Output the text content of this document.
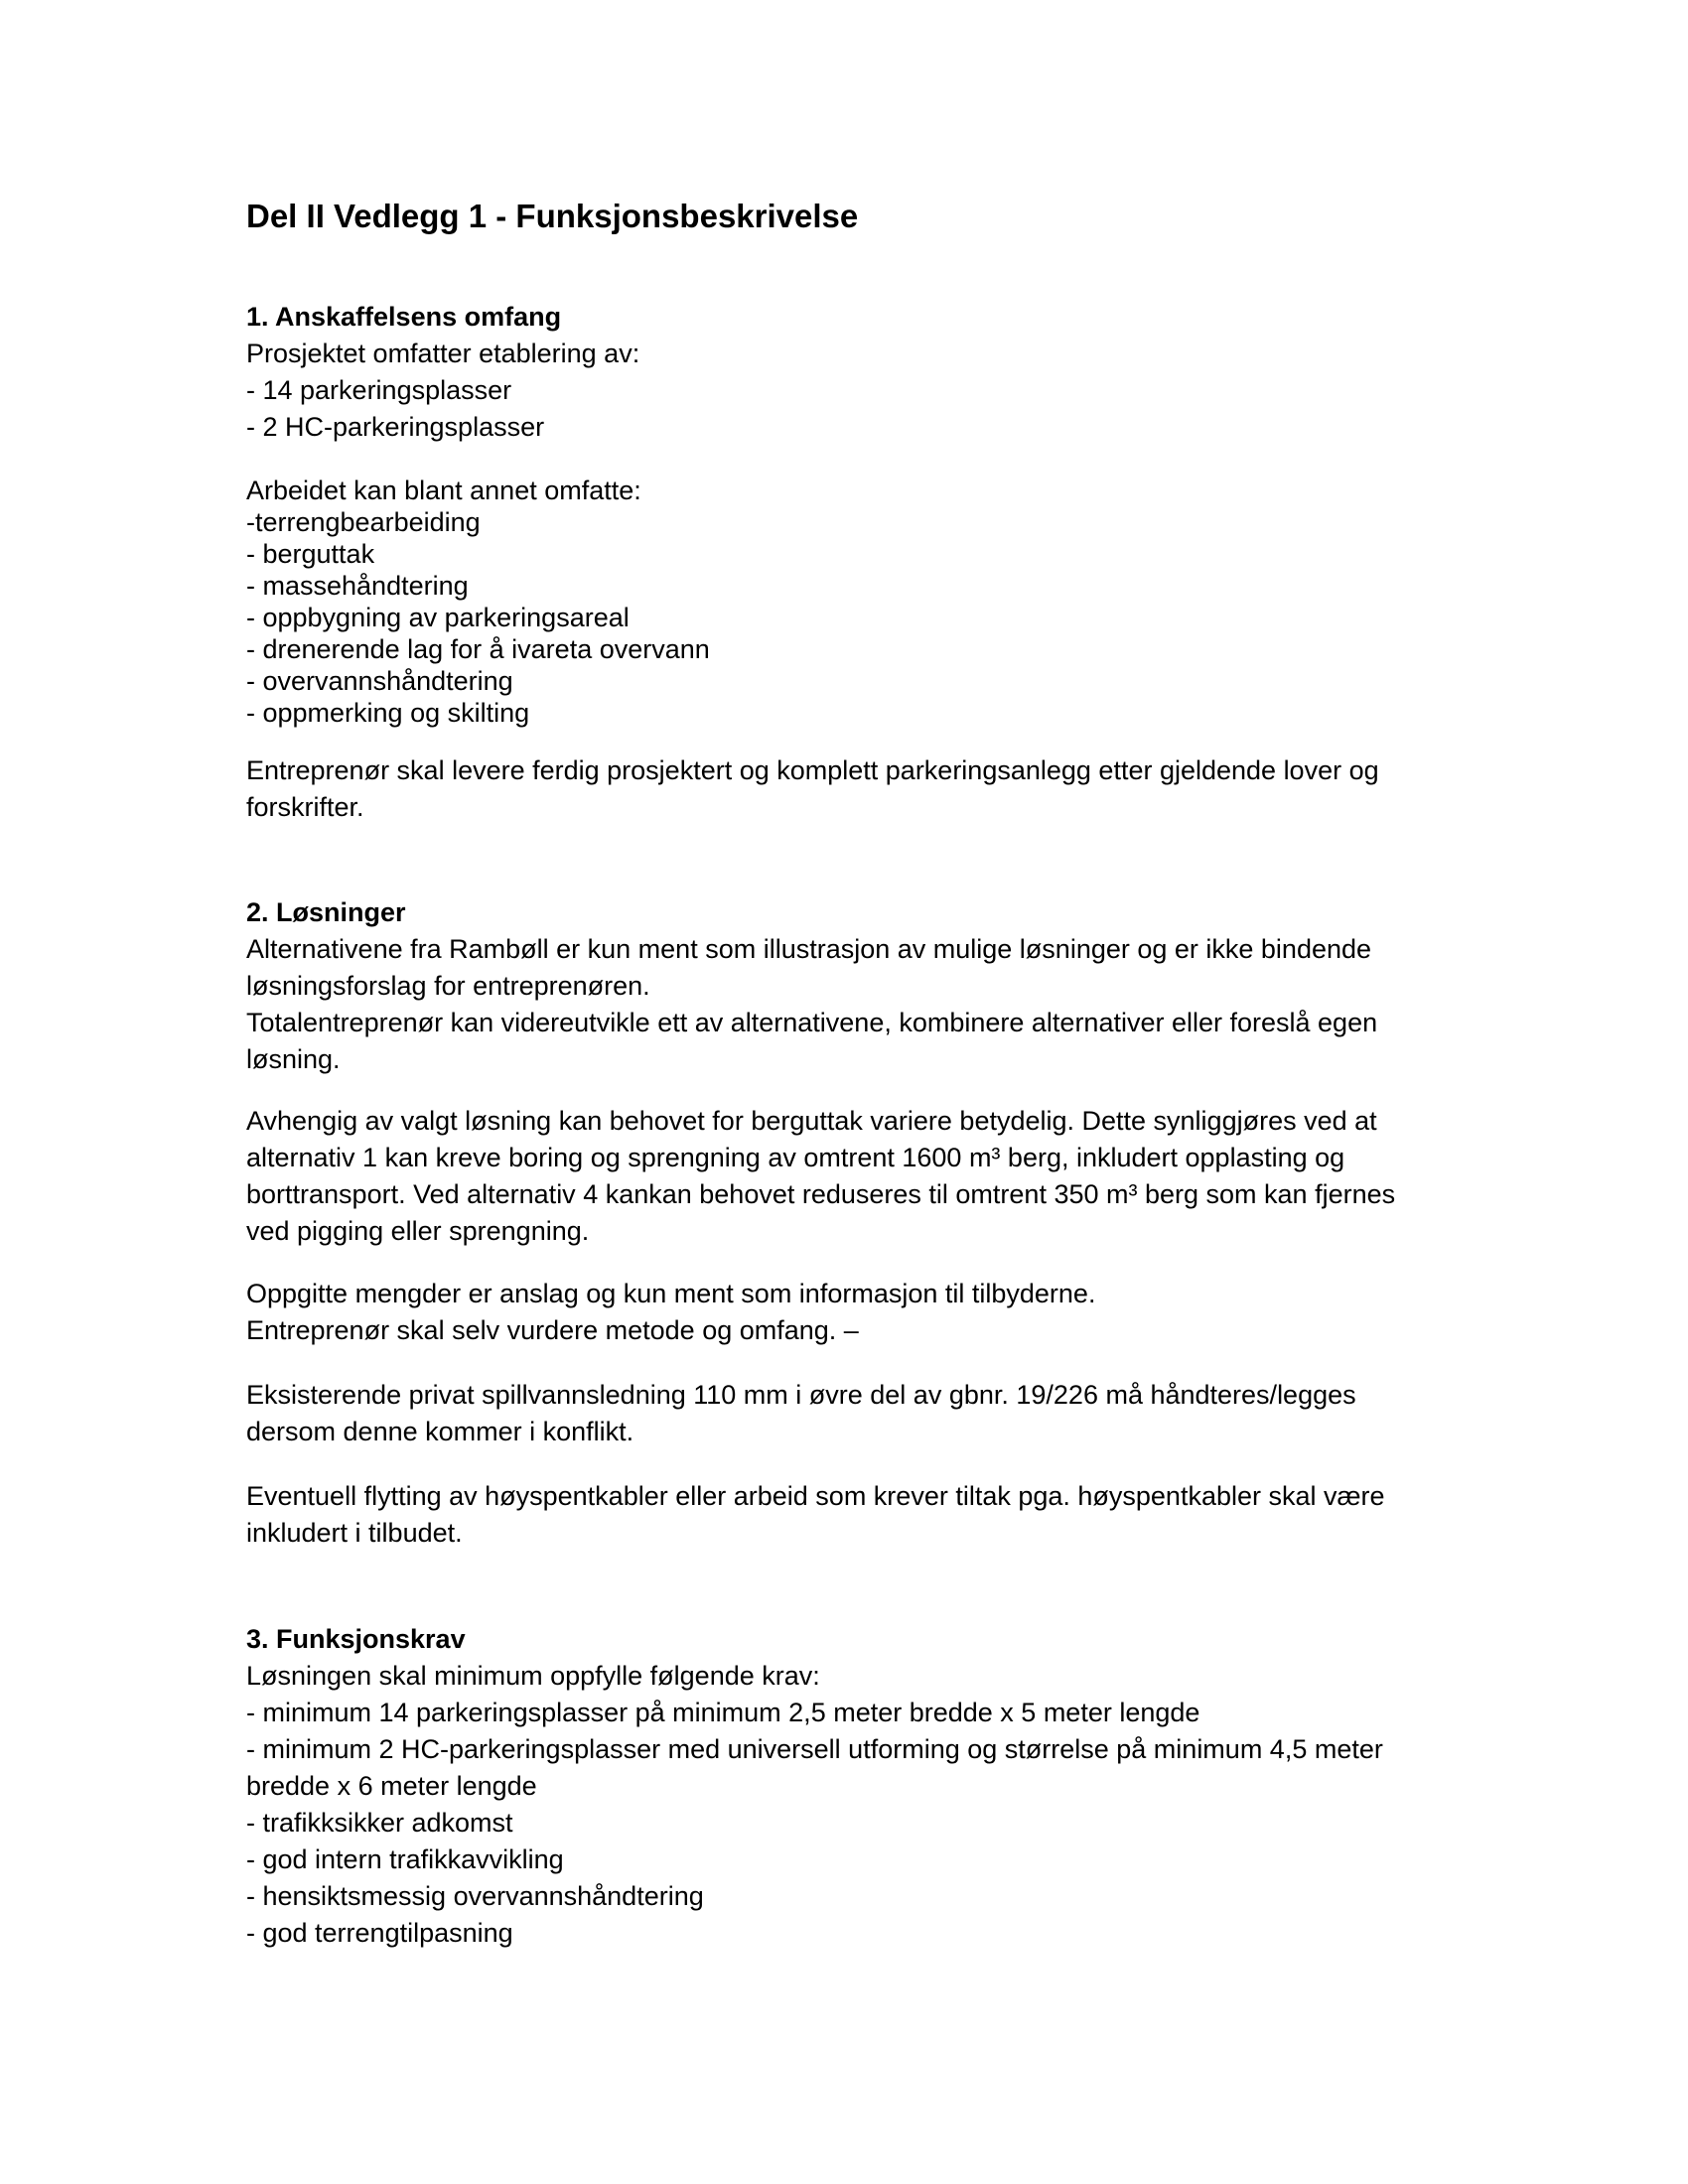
Del II Vedlegg 1 - Funksjonsbeskrivelse
1. Anskaffelsens omfang
Prosjektet omfatter etablering av:
- 14 parkeringsplasser
- 2 HC-parkeringsplasser
Arbeidet kan blant annet omfatte:
-terrengbearbeiding
- berguttak
- massehåndtering
- oppbygning av parkeringsareal
- drenerende lag for å ivareta overvann
- overvannshåndtering
- oppmerking og skilting
Entreprenør skal levere ferdig prosjektert og komplett parkeringsanlegg etter gjeldende lover og
forskrifter.
2. Løsninger
Alternativene fra Rambøll er kun ment som illustrasjon av mulige løsninger og er ikke bindende
løsningsforslag for entreprenøren.
Totalentreprenør kan videreutvikle ett av alternativene, kombinere alternativer eller foreslå egen
løsning.
Avhengig av valgt løsning kan behovet for berguttak variere betydelig. Dette synliggjøres ved at
alternativ 1 kan kreve boring og sprengning av omtrent 1600 m³ berg, inkludert opplasting og
borttransport. Ved alternativ 4 kankan behovet reduseres til omtrent 350 m³ berg som kan fjernes
ved pigging eller sprengning.
Oppgitte mengder er anslag og kun ment som informasjon til tilbyderne.
Entreprenør skal selv vurdere metode og omfang. –
Eksisterende privat spillvannsledning 110 mm i øvre del av gbnr. 19/226 må håndteres/legges
dersom denne kommer i konflikt.
Eventuell flytting av høyspentkabler eller arbeid som krever tiltak pga. høyspentkabler skal være
inkludert i tilbudet.
3. Funksjonskrav
Løsningen skal minimum oppfylle følgende krav:
- minimum 14 parkeringsplasser på minimum 2,5 meter bredde x 5 meter lengde
- minimum 2 HC-parkeringsplasser med universell utforming og størrelse på minimum 4,5 meter
bredde x 6 meter lengde
- trafikksikker adkomst
- god intern trafikkavvikling
- hensiktsmessig overvannshåndtering
- god terrengtilpasning
